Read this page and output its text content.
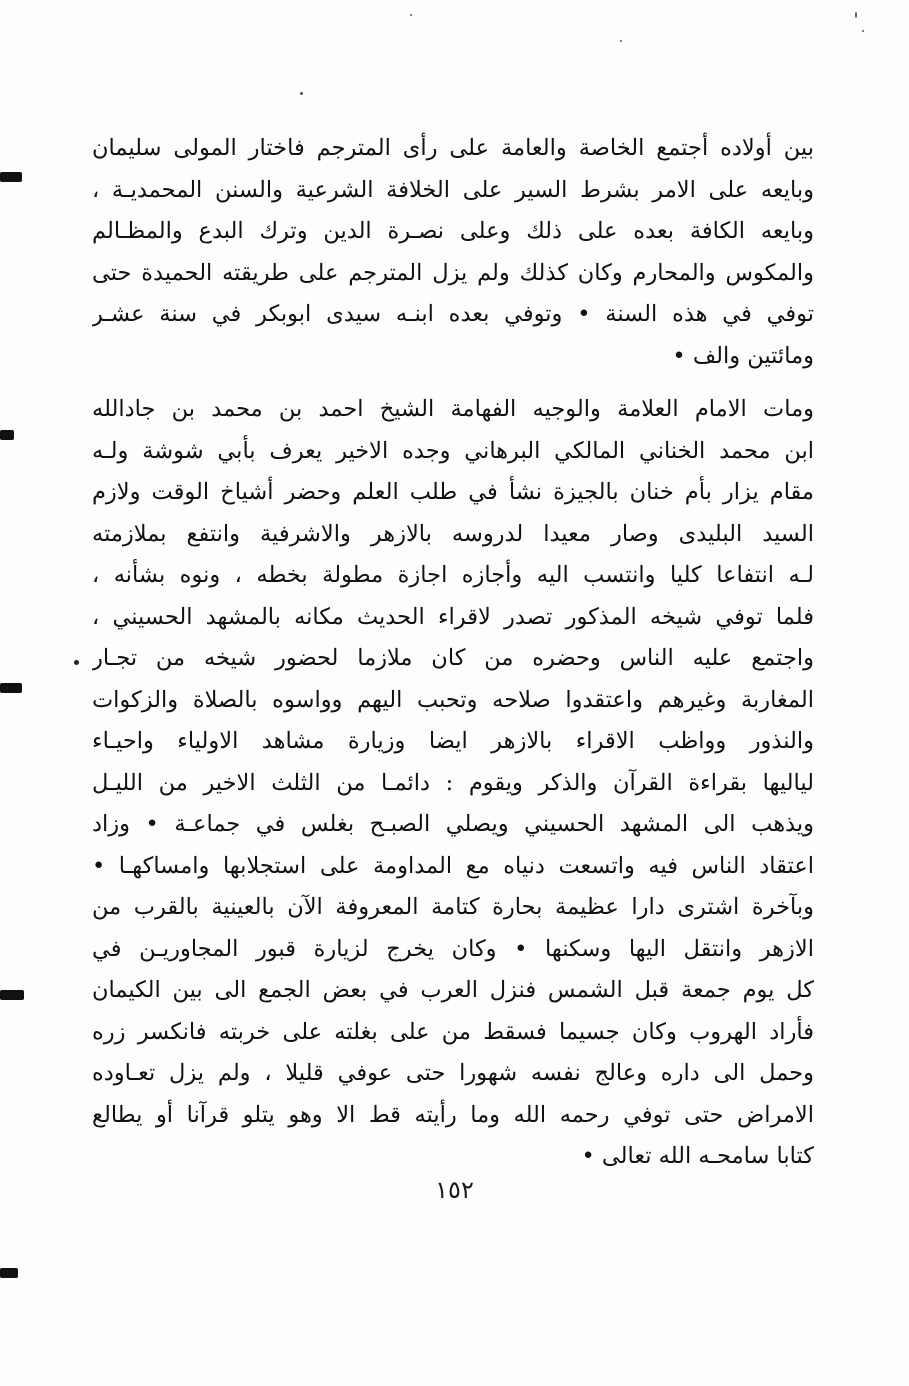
بين أولاده أجتمع الخاصة والعامة على رأى المترجم فاختار المولى سليمان
وبايعه على الامر بشرط السير على الخلافة الشرعية والسنن المحمديـة ،
وبايعه الكافة بعده على ذلك وعلى نصـرة الدين وترك البدع والمظـالم
والمكوس والمحارم وكان كذلك ولم يزل المترجم على طريقته الحميدة حتى
توفي في هذه السنة • وتوفي بعده ابنـه سيدى ابوبكر في سنة عشـر
ومائتين والف •
ومات الامام العلامة والوجيه الفهامة الشيخ احمد بن محمد بن جادالله
ابن محمد الخناني المالكي البرهاني وجده الاخير يعرف بأبي شوشة ولـه
مقام يزار بأم خنان بالجيزة نشأ في طلب العلم وحضر أشياخ الوقت ولازم
السيد البليدى وصار معيدا لدروسه بالازهر والاشرفية وانتفع بملازمته
لـه انتفاعا كليا وانتسب اليه وأجازه اجازة مطولة بخطه ، ونوه بشأنه ،
فلما توفي شيخه المذكور تصدر لاقراء الحديث مكانه بالمشهد الحسيني ،
واجتمع عليه الناس وحضره من كان ملازما لحضور شيخه من تجـار
المغاربة وغيرهم واعتقدوا صلاحه وتحبب اليهم وواسوه بالصلاة والزكوات
والنذور وواظب الاقراء بالازهر ايضا وزيارة مشاهد الاولياء واحيـاء
لياليها بقراءة القرآن والذكر ويقوم : دائمـا من الثلث الاخير من الليـل
ويذهب الى المشهد الحسيني ويصلي الصبـح بغلس في جماعـة • وزاد
اعتقاد الناس فيه واتسعت دنياه مع المداومة على استجلابها وامساكهـا •
وبآخرة اشترى دارا عظيمة بحارة كتامة المعروفة الآن بالعينية بالقرب من
الازهر وانتقل اليها وسكنها • وكان يخرج لزيارة قبور المجاوريـن في
كل يوم جمعة قبل الشمس فنزل العرب في بعض الجمع الى بين الكيمان
فأراد الهروب وكان جسيما فسقط من على بغلته على خربته فانكسر زره
وحمل الى داره وعالج نفسه شهورا حتى عوفي قليلا ، ولم يزل تعـاوده
الامراض حتى توفي رحمه الله وما رأيته قط الا وهو يتلو قرآنا أو يطالع
كتابا سامحـه الله تعالى •
١٥٢
